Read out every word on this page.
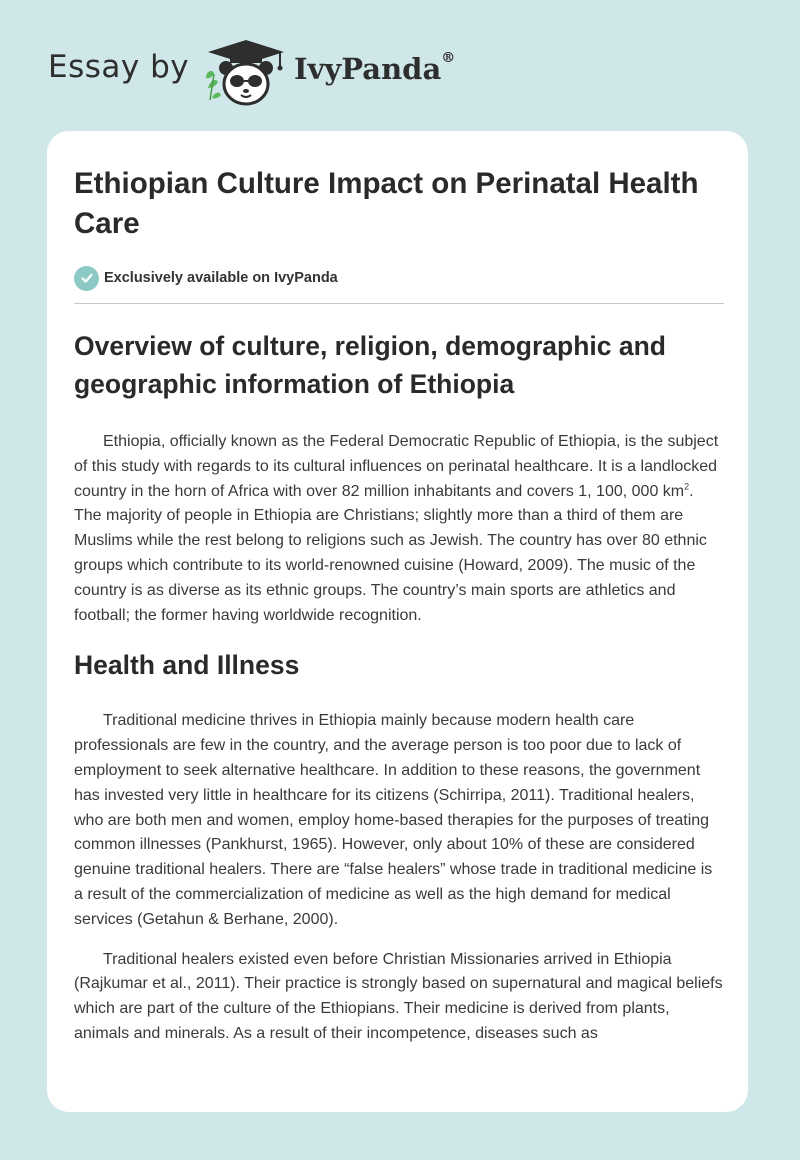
Essay by	IvyPanda®
Ethiopian Culture Impact on Perinatal Health Care
Exclusively available on IvyPanda
Overview of culture, religion, demographic and geographic information of Ethiopia

Ethiopia, officially known as the Federal Democratic Republic of Ethiopia, is the subject of this study with regards to its cultural influences on perinatal healthcare. It is a landlocked country in the horn of Africa with over 82 million inhabitants and covers 1, 100, 000 $km^2$. The majority of people in Ethiopia are Christians; slightly more than a third of them are Muslims while the rest belong to religions such as Jewish. The country has over 80 ethnic groups which contribute to its world-renowned cuisine (Howard, 2009). The music of the country is as diverse as its ethnic groups. The country’s main sports are athletics and football; the former having worldwide recognition.

Health and Illness

Traditional medicine thrives in Ethiopia mainly because modern health care professionals are few in the country, and the average person is too poor due to lack of employment to seek alternative healthcare. In addition to these reasons, the government has invested very little in healthcare for its citizens (Schirripa, 2011). Traditional healers, who are both men and women, employ home-based therapies for the purposes of treating common illnesses (Pankhurst, 1965). However, only about 10% of these are considered genuine traditional healers. There are “false healers” whose trade in traditional medicine is a result of the commercialization of medicine as well as the high demand for medical services (Getahun & Berhane, 2000).

Traditional healers existed even before Christian Missionaries arrived in Ethiopia (Rajkumar et al., 2011). Their practice is strongly based on supernatural and magical beliefs which are part of the culture of the Ethiopians. Their medicine is derived from plants, animals and minerals. As a result of their incompetence, diseases such as
